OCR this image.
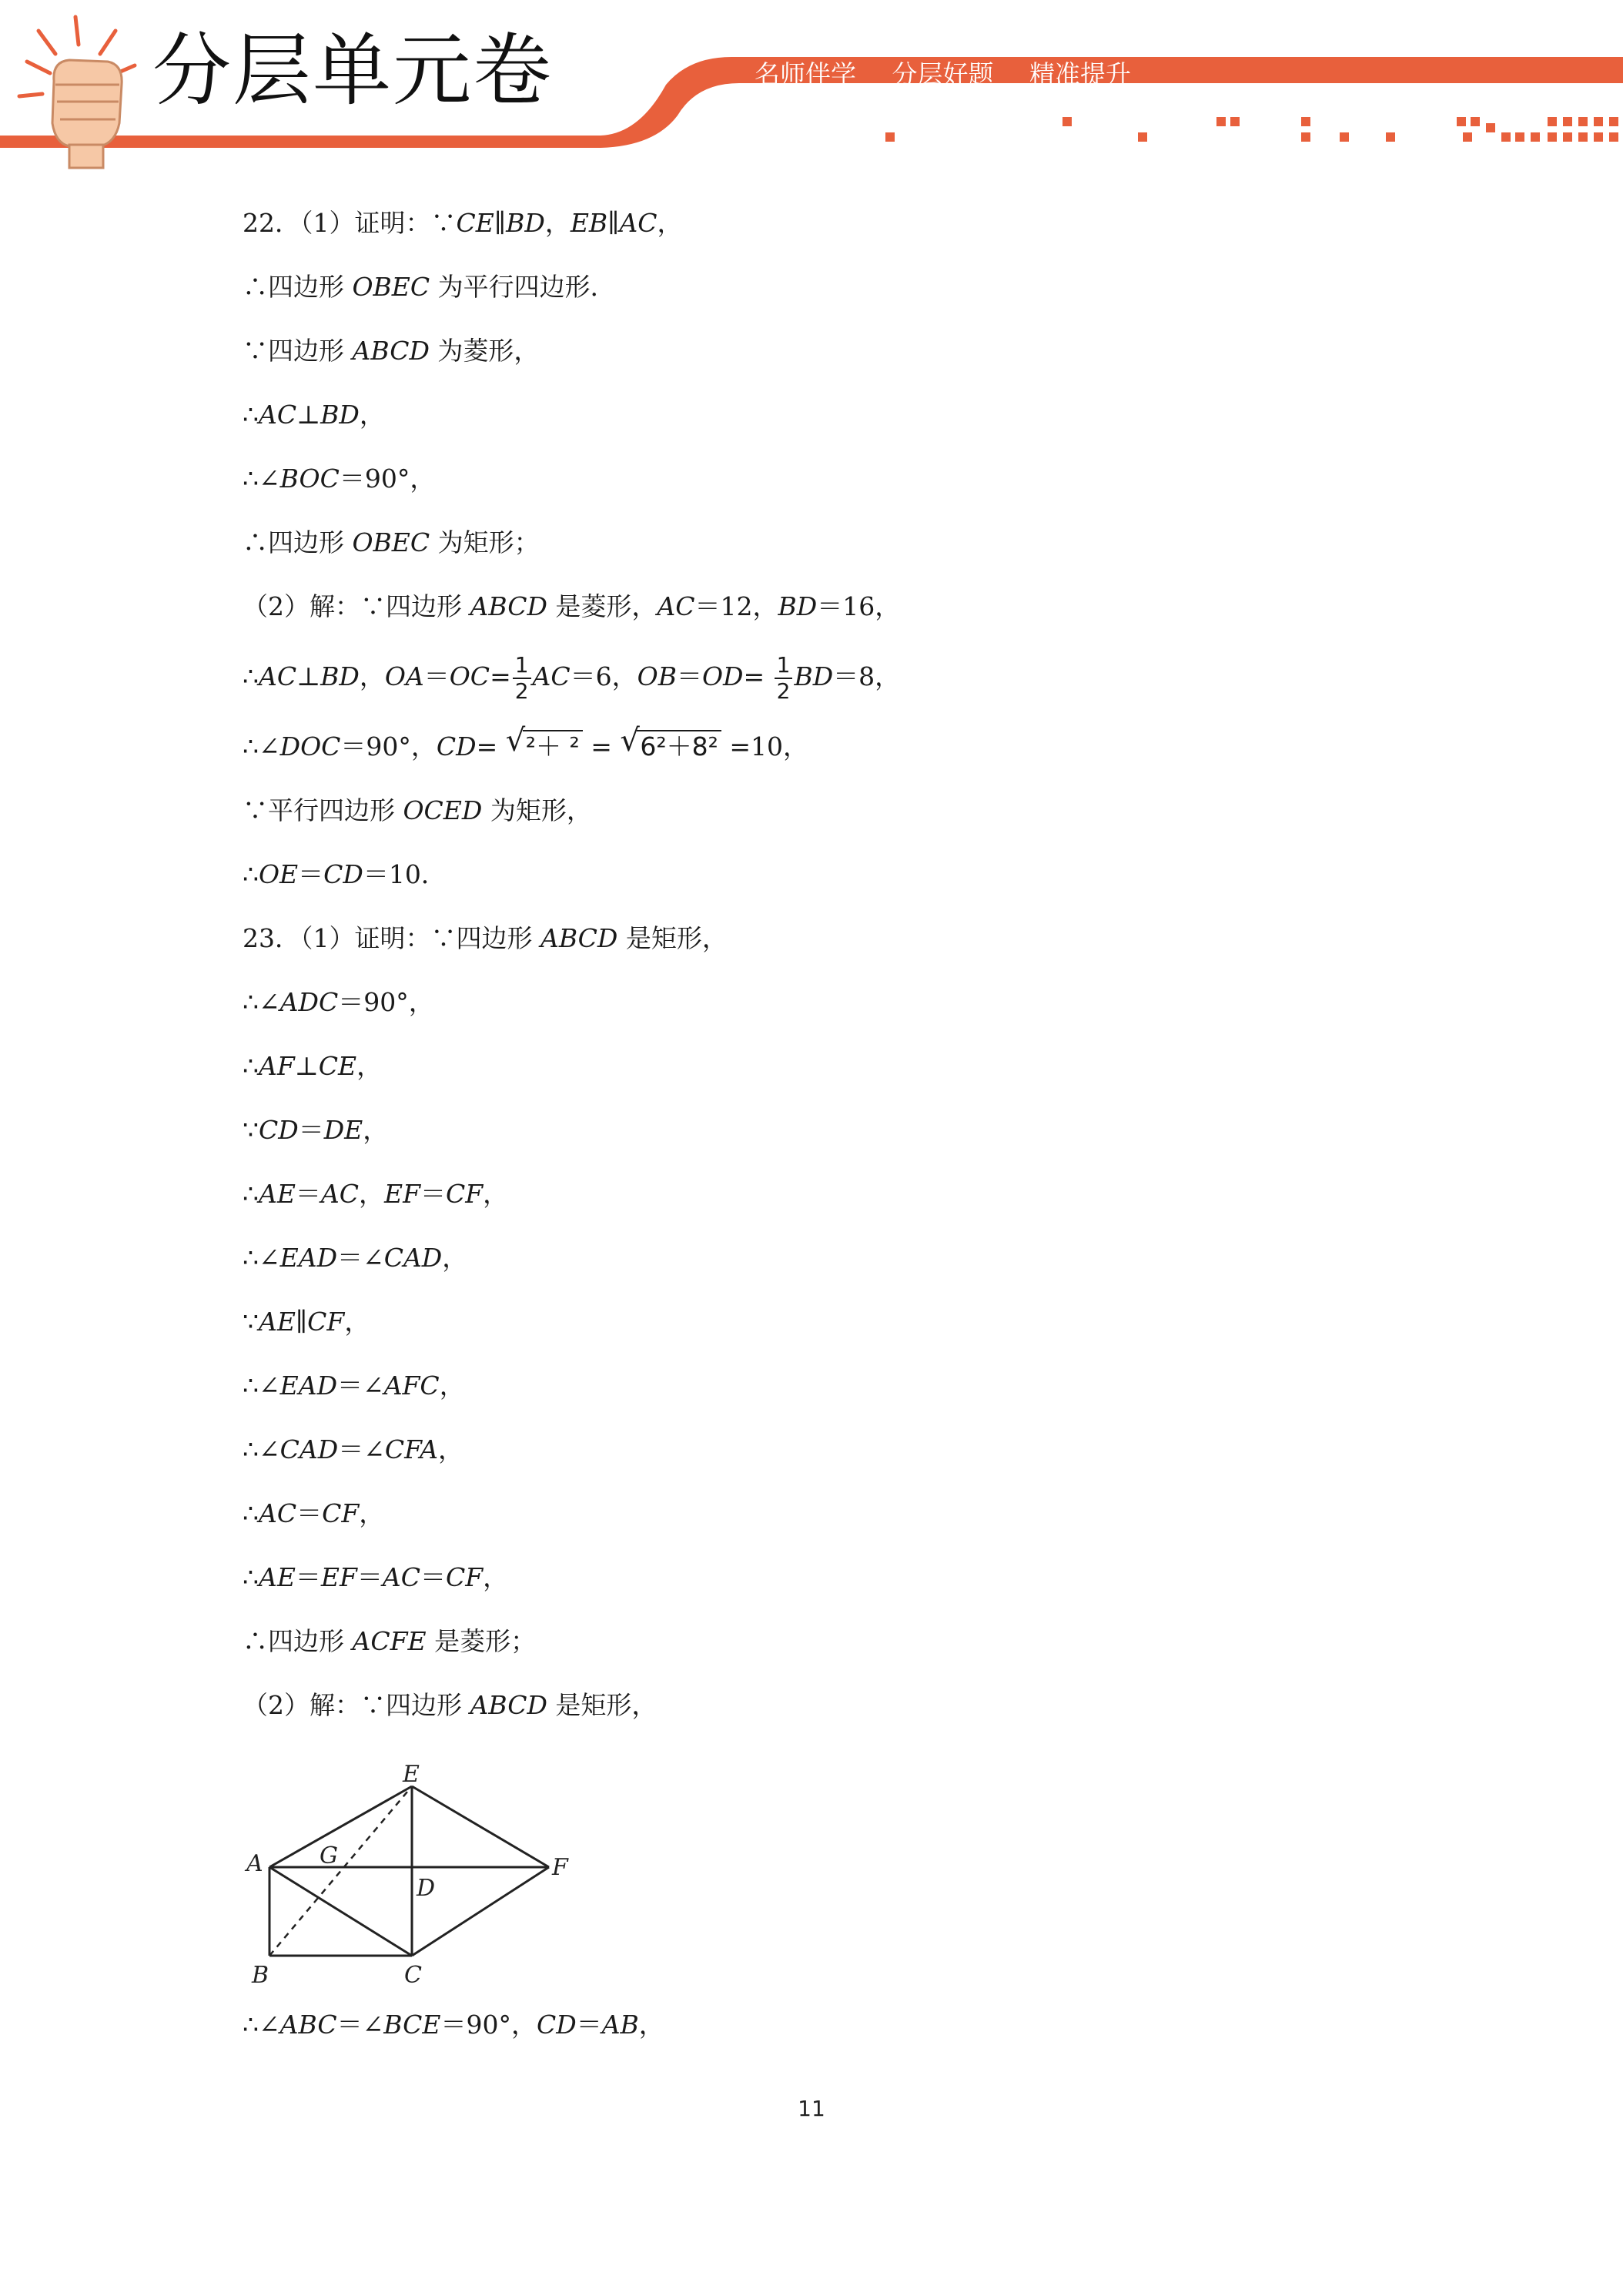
分层单元卷	名师伴学 分层好题 精准提升
22．（1）证明：∵CE∥BD，EB∥AC，
∴四边形 OBEC 为平行四边形．
∵四边形 ABCD 为菱形，
∴AC⊥BD，
∴∠BOC＝90°，
∴四边形 OBEC 为矩形；
（2）解：∵四边形 ABCD 是菱形，AC＝12，BD＝16，
∴AC⊥BD，$OA=OC= \frac{1}{2} AC=6$，$OB=OD= \frac{1}{2} BD=8$，
∴∠DOC＝90°，CD= √ ²＋ ² = √ 6²＋8² =10，
∵平行四边形 OCED 为矩形，
∴OE＝CD＝10．
23．（1）证明：∵四边形 ABCD 是矩形，
∴∠ADC＝90°，
∴AF⊥CE，
∵CD＝DE，
∴AE＝AC，EF＝CF，
∴∠EAD＝∠CAD，
∵AE∥CF，
∴∠EAD＝∠AFC，
∴∠CAD＝∠CFA，
∴AC＝CF，
∴AE＝EF＝AC＝CF，
∴四边形 ACFE 是菱形；
（2）解：∵四边形 ABCD 是矩形，
∴∠ABC＝∠BCE＝90°，CD＝AB，
E
A G
D
F
B	C
11
